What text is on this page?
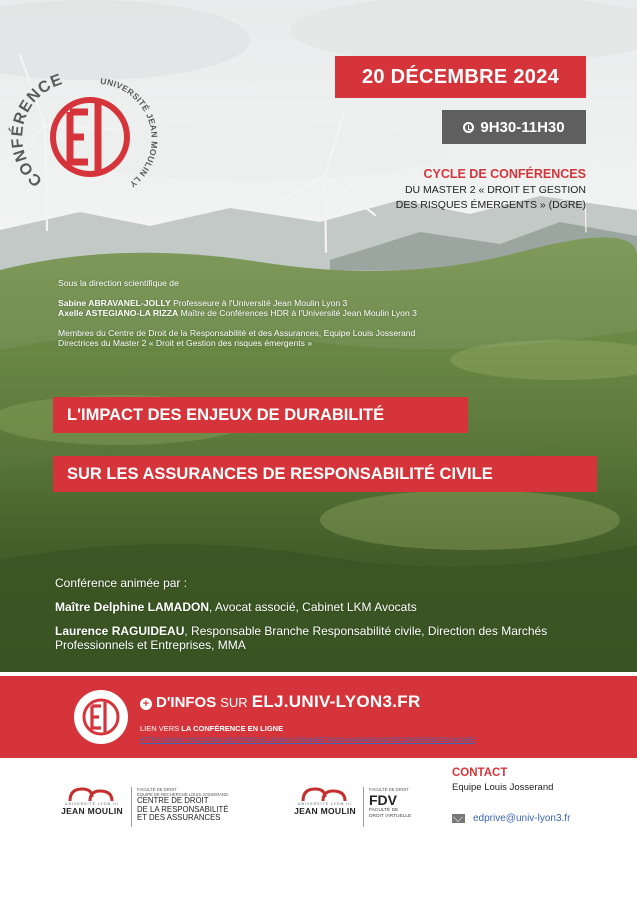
CONFÉRENCE	UNIVERSITÉ JEAN MOULIN LY
20 DÉCEMBRE 2024
9H30-11H30
CYCLE DE CONFÉRENCES
DU MASTER 2 « DROIT ET GESTION
DES RISQUES ÉMERGENTS » (DGRE)

Sous la direction scientifique de

Sabine ABRAVANEL-JOLLY Professeure à l'Université Jean Moulin Lyon 3

Axelle ASTEGIANO-LA RIZZA Maître de Conférences HDR à l'Université Jean Moulin Lyon 3

Membres du Centre de Droit de la Responsabilité et des Assurances, Equipe Louis Josserand

Directrices du Master 2 « Droit et Gestion des risques émergents »

L'IMPACT DES ENJEUX DE DURABILITÉ
SUR LES ASSURANCES DE RESPONSABILITÉ CIVILE

Conférence animée par :

Maître Delphine LAMADON, Avocat associé, Cabinet LKM Avocats

Laurence RAGUIDEAU, Responsable Branche Responsabilité civile, Direction des Marchés

Professionnels et Entreprises, MMA

+ D'INFOS SUR ELJ.UNIV-LYON3.FR
LIEN VERS LA CONFÉRENCE EN LIGNE
HTTPS://UNIVLYON3.ZOOM.US/J/?PWD=ELJ3UNIVLYON3MEETINGID=9485469104837ECONFERENCE2024DGRE
UNIVERSITÉ LYON III
JEAN MOULIN
FACULTÉ DE DROIT
ÉQUIPE DE RECHERCHE LOUIS JOSSERAND
CENTRE DE DROIT
DE LA RESPONSABILITÉ
ET DES ASSURANCES
UNIVERSITÉ LYON III
JEAN MOULIN
FACULTÉ DE DROIT
FDV
FACULTÉ DE
DROIT VIRTUELLE
CONTACT
Equipe Louis Josserand
edprive@univ-lyon3.fr
